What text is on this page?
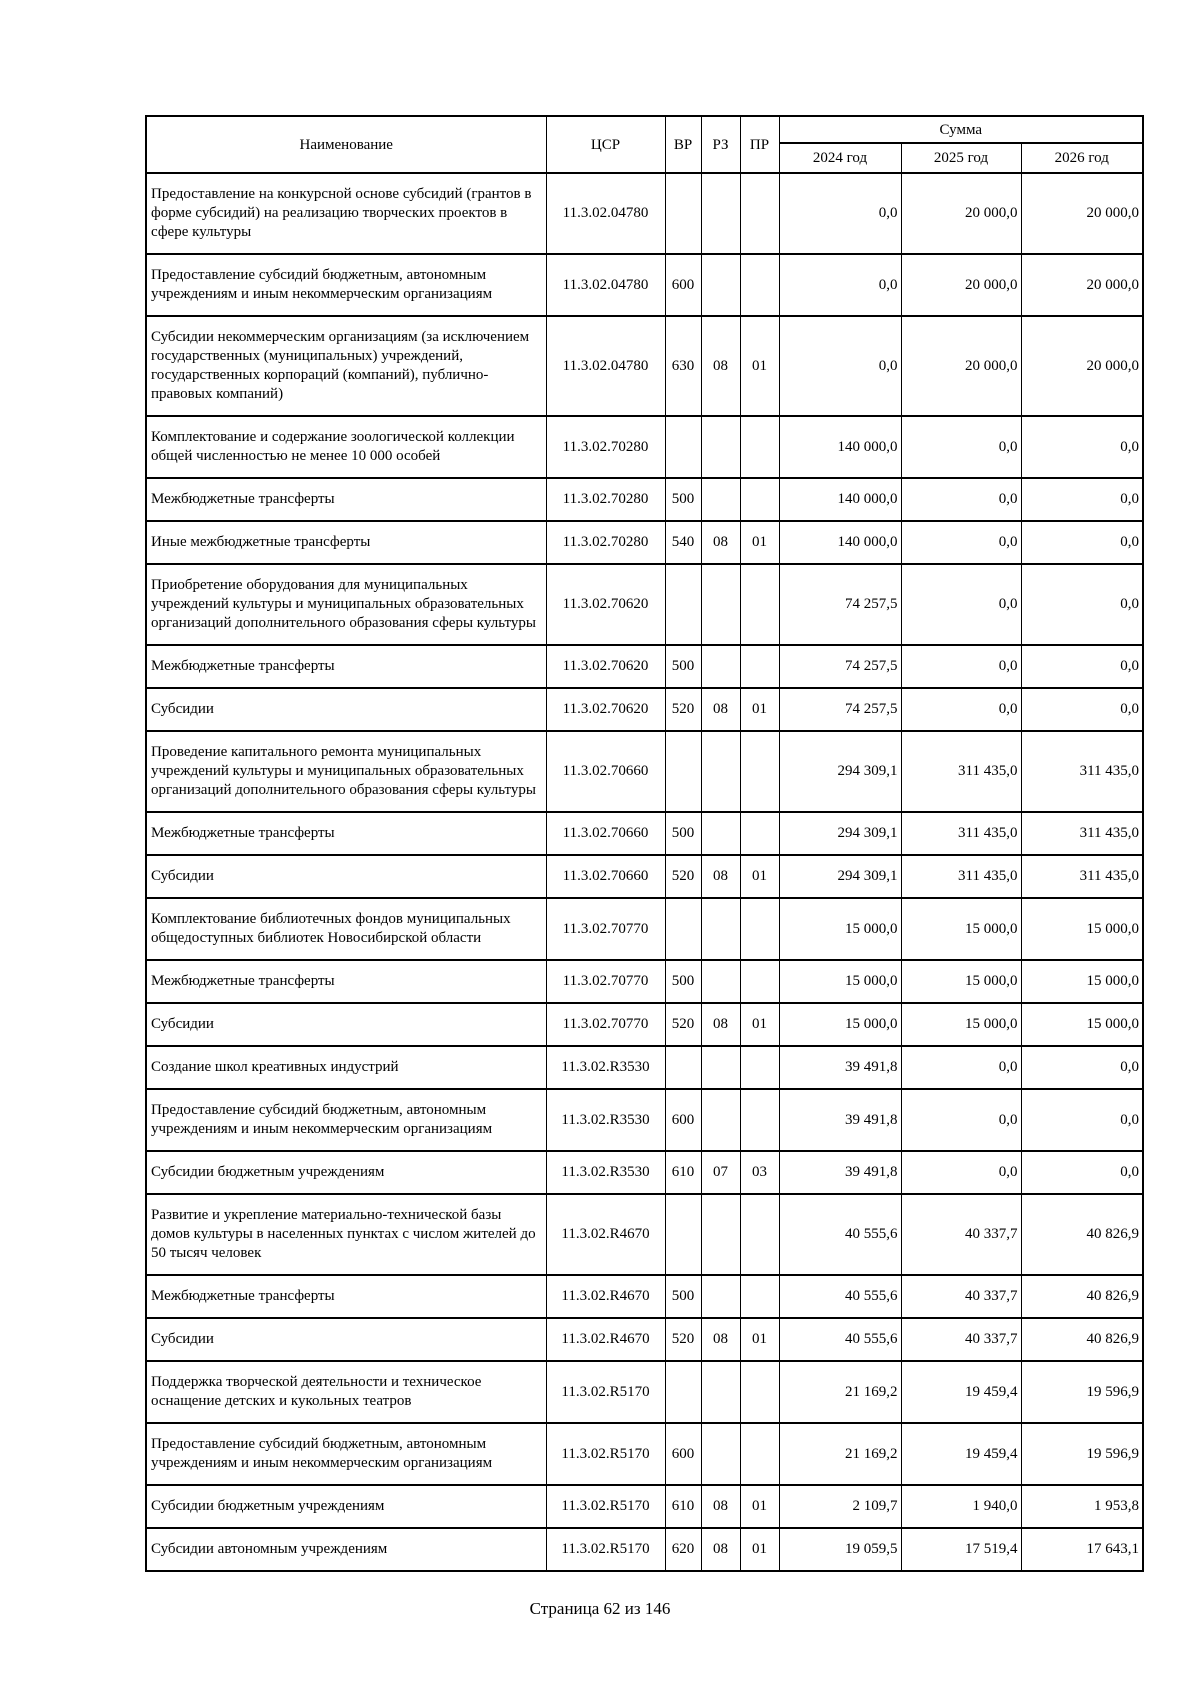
Наименование	ЦСР	ВР	РЗ	ПР	Сумма		
					2024 год	2025 год	2026 год
Предоставление на конкурсной основе субсидий (грантов в форме субсидий) на реализацию творческих проектов в сфере культуры	11.3.02.04780				0,0	20 000,0	20 000,0
Предоставление субсидий бюджетным, автономным учреждениям и иным некоммерческим организациям	11.3.02.04780	600			0,0	20 000,0	20 000,0
Субсидии некоммерческим организациям (за исключением государственных (муниципальных) учреждений, государственных корпораций (компаний), публично-правовых компаний)	11.3.02.04780	630	08	01	0,0	20 000,0	20 000,0
Комплектование и содержание зоологической коллекции общей численностью не менее 10 000 особей	11.3.02.70280				140 000,0	0,0	0,0
Межбюджетные трансферты	11.3.02.70280	500			140 000,0	0,0	0,0
Иные межбюджетные трансферты	11.3.02.70280	540	08	01	140 000,0	0,0	0,0
Приобретение оборудования для муниципальных учреждений культуры и муниципальных образовательных организаций дополнительного образования сферы культуры	11.3.02.70620				74 257,5	0,0	0,0
Межбюджетные трансферты	11.3.02.70620	500			74 257,5	0,0	0,0
Субсидии	11.3.02.70620	520	08	01	74 257,5	0,0	0,0
Проведение капитального ремонта муниципальных учреждений культуры и муниципальных образовательных организаций дополнительного образования сферы культуры	11.3.02.70660				294 309,1	311 435,0	311 435,0
Межбюджетные трансферты	11.3.02.70660	500			294 309,1	311 435,0	311 435,0
Субсидии	11.3.02.70660	520	08	01	294 309,1	311 435,0	311 435,0
Комплектование библиотечных фондов муниципальных общедоступных библиотек Новосибирской области	11.3.02.70770				15 000,0	15 000,0	15 000,0
Межбюджетные трансферты	11.3.02.70770	500			15 000,0	15 000,0	15 000,0
Субсидии	11.3.02.70770	520	08	01	15 000,0	15 000,0	15 000,0
Создание школ креативных индустрий	11.3.02.R3530				39 491,8	0,0	0,0
Предоставление субсидий бюджетным, автономным учреждениям и иным некоммерческим организациям	11.3.02.R3530	600			39 491,8	0,0	0,0
Субсидии бюджетным учреждениям	11.3.02.R3530	610	07	03	39 491,8	0,0	0,0
Развитие и укрепление материально-технической базы домов культуры в населенных пунктах с числом жителей до 50 тысяч человек	11.3.02.R4670				40 555,6	40 337,7	40 826,9
Межбюджетные трансферты	11.3.02.R4670	500			40 555,6	40 337,7	40 826,9
Субсидии	11.3.02.R4670	520	08	01	40 555,6	40 337,7	40 826,9
Поддержка творческой деятельности и техническое оснащение детских и кукольных театров	11.3.02.R5170				21 169,2	19 459,4	19 596,9
Предоставление субсидий бюджетным, автономным учреждениям и иным некоммерческим организациям	11.3.02.R5170	600			21 169,2	19 459,4	19 596,9
Субсидии бюджетным учреждениям	11.3.02.R5170	610	08	01	2 109,7	1 940,0	1 953,8
Субсидии автономным учреждениям	11.3.02.R5170	620	08	01	19 059,5	17 519,4	17 643,1
Страница 62 из 146
